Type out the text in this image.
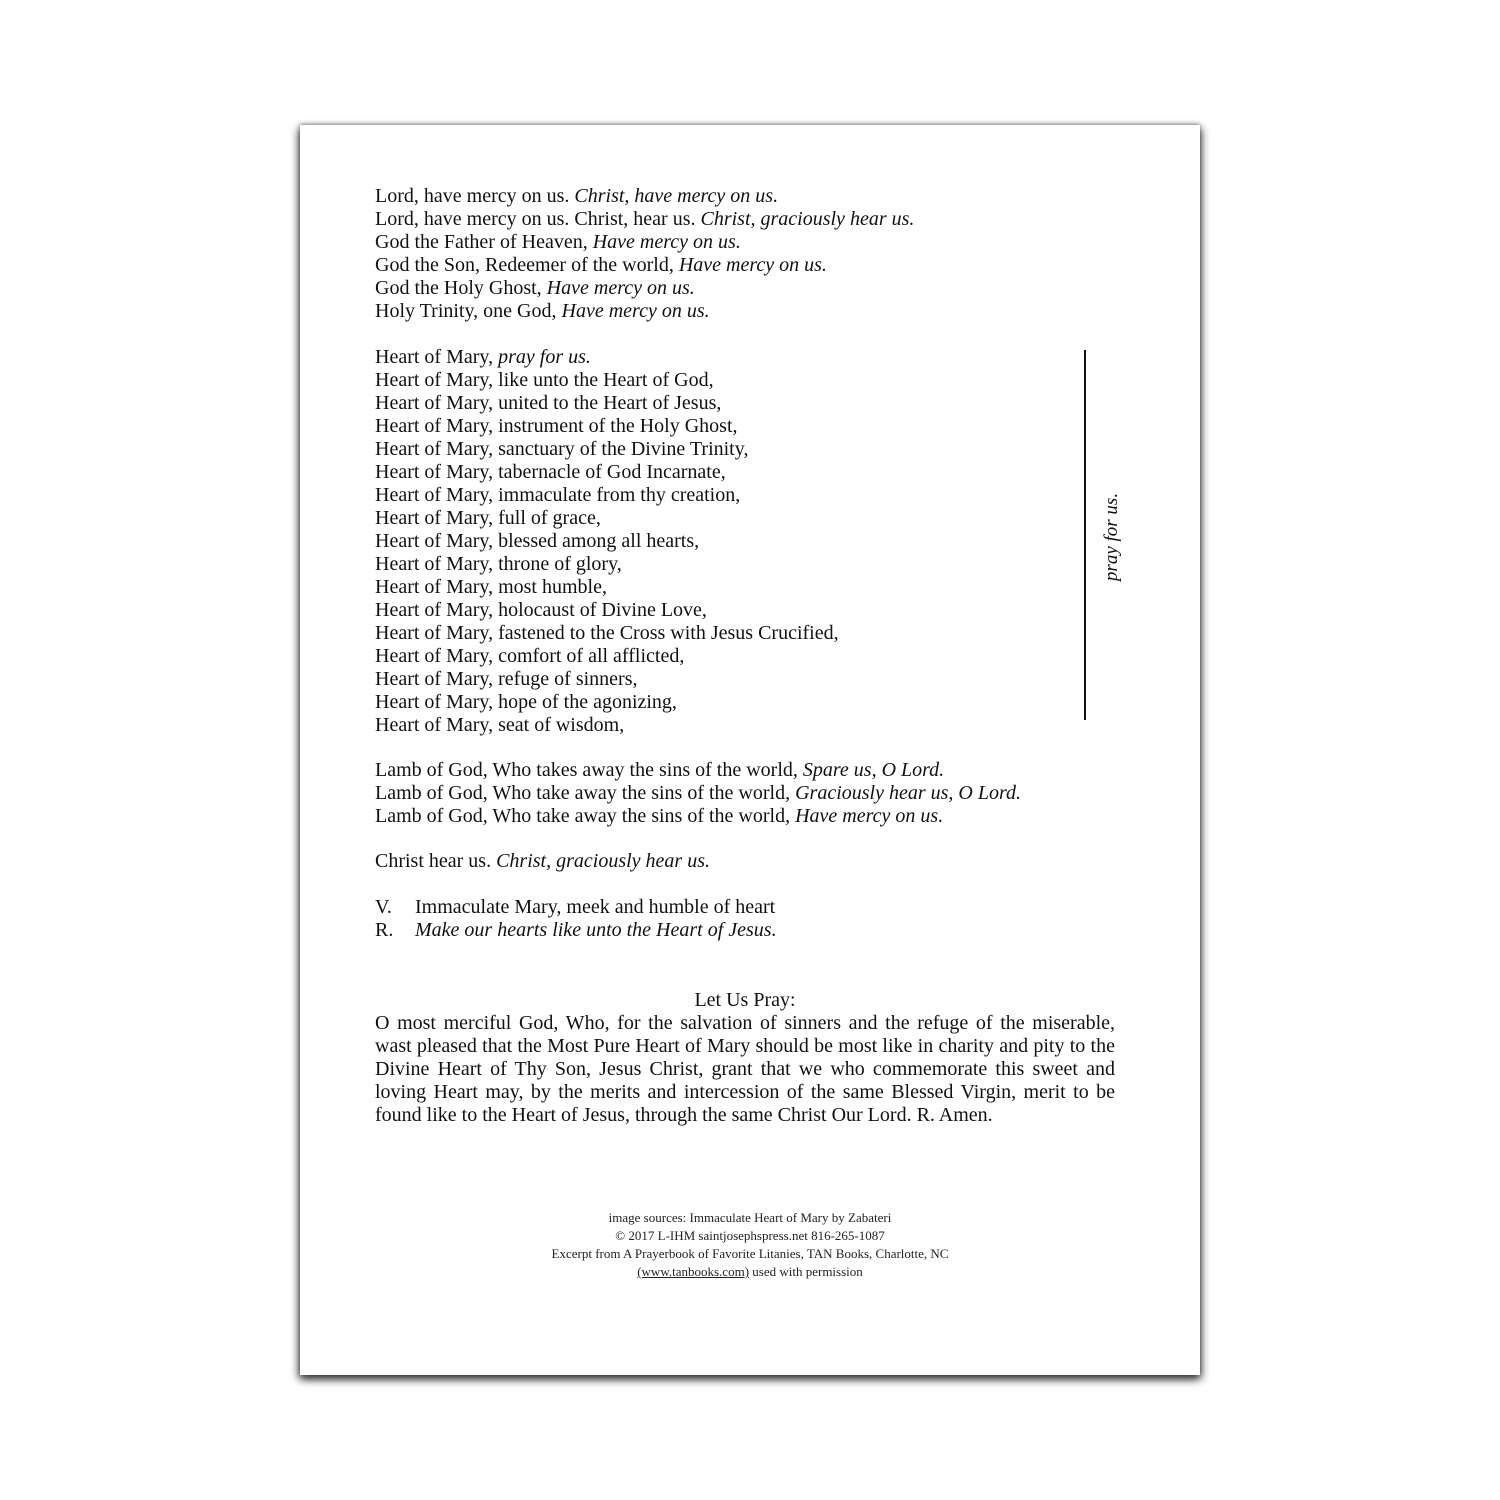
Lord, have mercy on us. Christ, have mercy on us.
Lord, have mercy on us. Christ, hear us. Christ, graciously hear us.
God the Father of Heaven, Have mercy on us.
God the Son, Redeemer of the world, Have mercy on us.
God the Holy Ghost, Have mercy on us.
Holy Trinity, one God, Have mercy on us.
Heart of Mary, pray for us.
Heart of Mary, like unto the Heart of God,
Heart of Mary, united to the Heart of Jesus,
Heart of Mary, instrument of the Holy Ghost,
Heart of Mary, sanctuary of the Divine Trinity,
Heart of Mary, tabernacle of God Incarnate,
Heart of Mary, immaculate from thy creation,
Heart of Mary, full of grace,
Heart of Mary, blessed among all hearts,
Heart of Mary, throne of glory,
Heart of Mary, most humble,
Heart of Mary, holocaust of Divine Love,
Heart of Mary, fastened to the Cross with Jesus Crucified,
Heart of Mary, comfort of all afflicted,
Heart of Mary, refuge of sinners,
Heart of Mary, hope of the agonizing,
Heart of Mary, seat of wisdom,
pray for us.
Lamb of God, Who takes away the sins of the world, Spare us, O Lord.
Lamb of God, Who take away the sins of the world, Graciously hear us, O Lord.
Lamb of God, Who take away the sins of the world, Have mercy on us.
Christ hear us. Christ, graciously hear us.
V.	Immaculate Mary, meek and humble of heart
R.	Make our hearts like unto the Heart of Jesus.
Let Us Pray:
O most merciful God, Who, for the salvation of sinners and the refuge of the miserable, wast pleased that the Most Pure Heart of Mary should be most like in charity and pity to the Divine Heart of Thy Son, Jesus Christ, grant that we who commemorate this sweet and loving Heart may, by the merits and intercession of the same Blessed Virgin, merit to be found like to the Heart of Jesus, through the same Christ Our Lord. R. Amen.
image sources: Immaculate Heart of Mary by Zabateri
© 2017 L-IHM saintjosephspress.net 816-265-1087
Excerpt from A Prayerbook of Favorite Litanies, TAN Books, Charlotte, NC
(www.tanbooks.com) used with permission
